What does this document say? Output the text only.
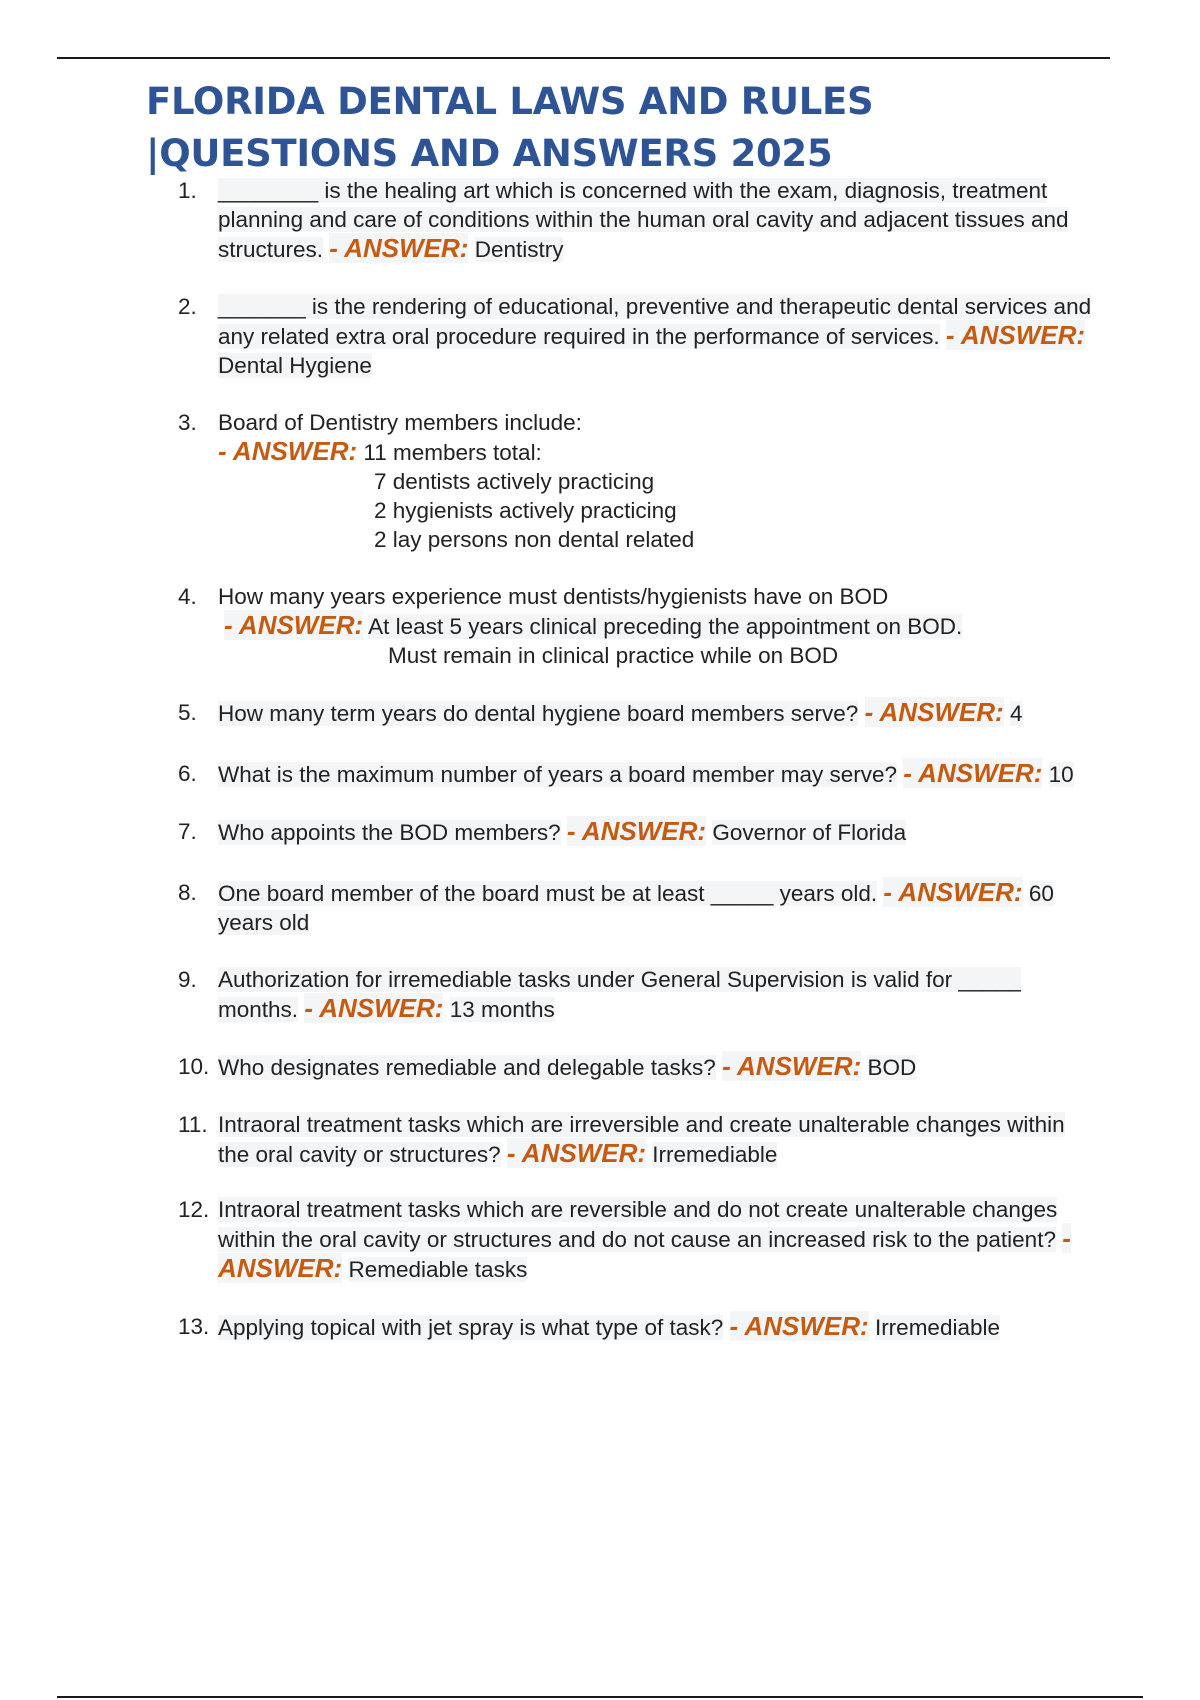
FLORIDA DENTAL LAWS AND RULES |QUESTIONS AND ANSWERS 2025
1. ________ is the healing art which is concerned with the exam, diagnosis, treatment planning and care of conditions within the human oral cavity and adjacent tissues and structures. - ANSWER: Dentistry
2. _______ is the rendering of educational, preventive and therapeutic dental services and any related extra oral procedure required in the performance of services. - ANSWER: Dental Hygiene
3. Board of Dentistry members include:
- ANSWER: 11 members total:
7 dentists actively practicing
2 hygienists actively practicing
2 lay persons non dental related
4. How many years experience must dentists/hygienists have on BOD
- ANSWER: At least 5 years clinical preceding the appointment on BOD.
Must remain in clinical practice while on BOD
5. How many term years do dental hygiene board members serve? - ANSWER: 4
6. What is the maximum number of years a board member may serve? - ANSWER: 10
7. Who appoints the BOD members? - ANSWER: Governor of Florida
8. One board member of the board must be at least _____ years old. - ANSWER: 60 years old
9. Authorization for irremediable tasks under General Supervision is valid for _____ months. - ANSWER: 13 months
10. Who designates remediable and delegable tasks? - ANSWER: BOD
11. Intraoral treatment tasks which are irreversible and create unalterable changes within the oral cavity or structures? - ANSWER: Irremediable
12. Intraoral treatment tasks which are reversible and do not create unalterable changes within the oral cavity or structures and do not cause an increased risk to the patient? - ANSWER: Remediable tasks
13. Applying topical with jet spray is what type of task? - ANSWER: Irremediable
